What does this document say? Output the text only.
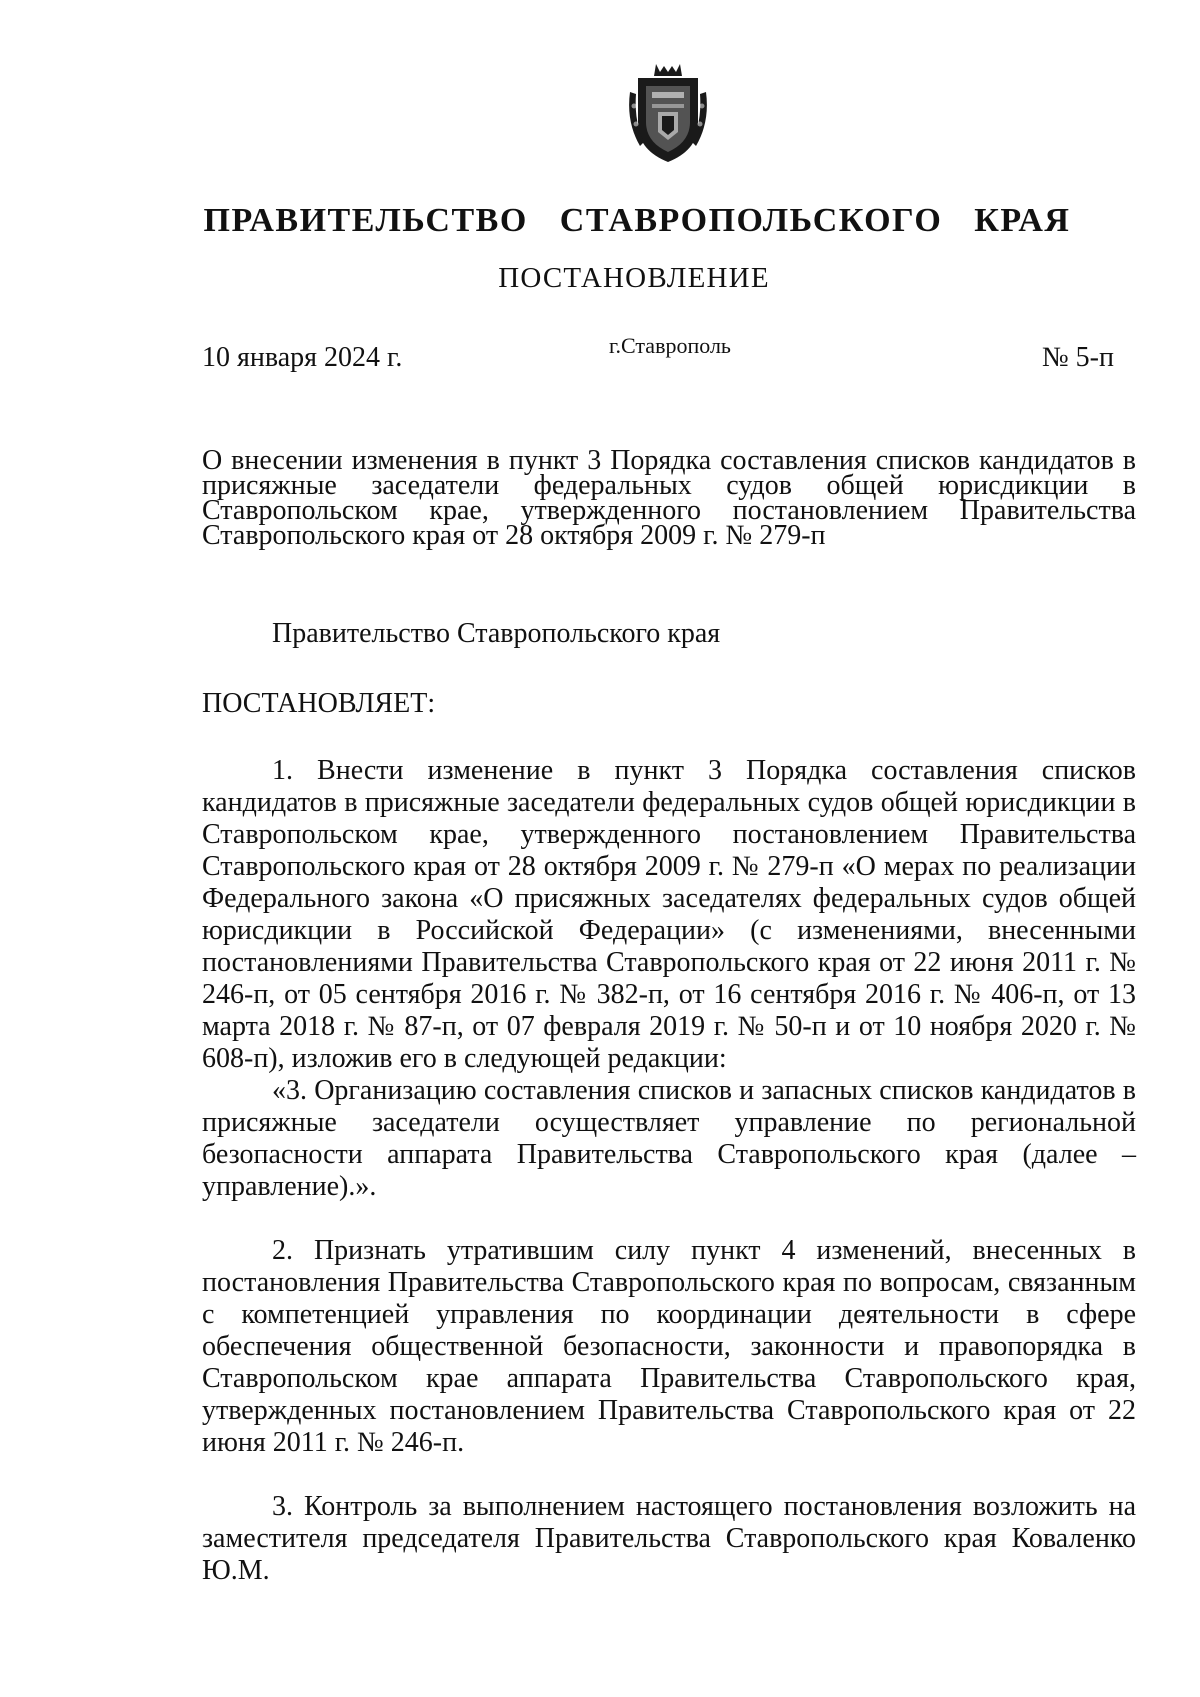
ПРАВИТЕЛЬСТВО СТАВРОПОЛЬСКОГО КРАЯ
ПОСТАНОВЛЕНИЕ
10 января 2024 г.	г.Ставрополь	№ 5-п
О внесении изменения в пункт 3 Порядка составления списков кандидатов в присяжные заседатели федеральных судов общей юрисдикции в Ставропольском крае, утвержденного постановлением Правительства Ставропольского края от 28 октября 2009 г. № 279-п
Правительство Ставропольского края
ПОСТАНОВЛЯЕТ:

1. Внести изменение в пункт 3 Порядка составления списков кандидатов в присяжные заседатели федеральных судов общей юрисдикции в Ставропольском крае, утвержденного постановлением Правительства Ставропольского края от 28 октября 2009 г. № 279-п «О мерах по реализации Федерального закона «О присяжных заседателях федеральных судов общей юрисдикции в Российской Федерации» (с изменениями, внесенными постановлениями Правительства Ставропольского края от 22 июня 2011 г. № 246-п, от 05 сентября 2016 г. № 382-п, от 16 сентября 2016 г. № 406-п, от 13 марта 2018 г. № 87-п, от 07 февраля 2019 г. № 50-п и от 10 ноября 2020 г. № 608-п), изложив его в следующей редакции:

«3. Организацию составления списков и запасных списков кандидатов в присяжные заседатели осуществляет управление по региональной безопасности аппарата Правительства Ставропольского края (далее – управление).».

2. Признать утратившим силу пункт 4 изменений, внесенных в постановления Правительства Ставропольского края по вопросам, связанным с компетенцией управления по координации деятельности в сфере обеспечения общественной безопасности, законности и правопорядка в Ставропольском крае аппарата Правительства Ставропольского края, утвержденных постановлением Правительства Ставропольского края от 22 июня 2011 г. № 246-п.

3. Контроль за выполнением настоящего постановления возложить на заместителя председателя Правительства Ставропольского края Коваленко Ю.М.
